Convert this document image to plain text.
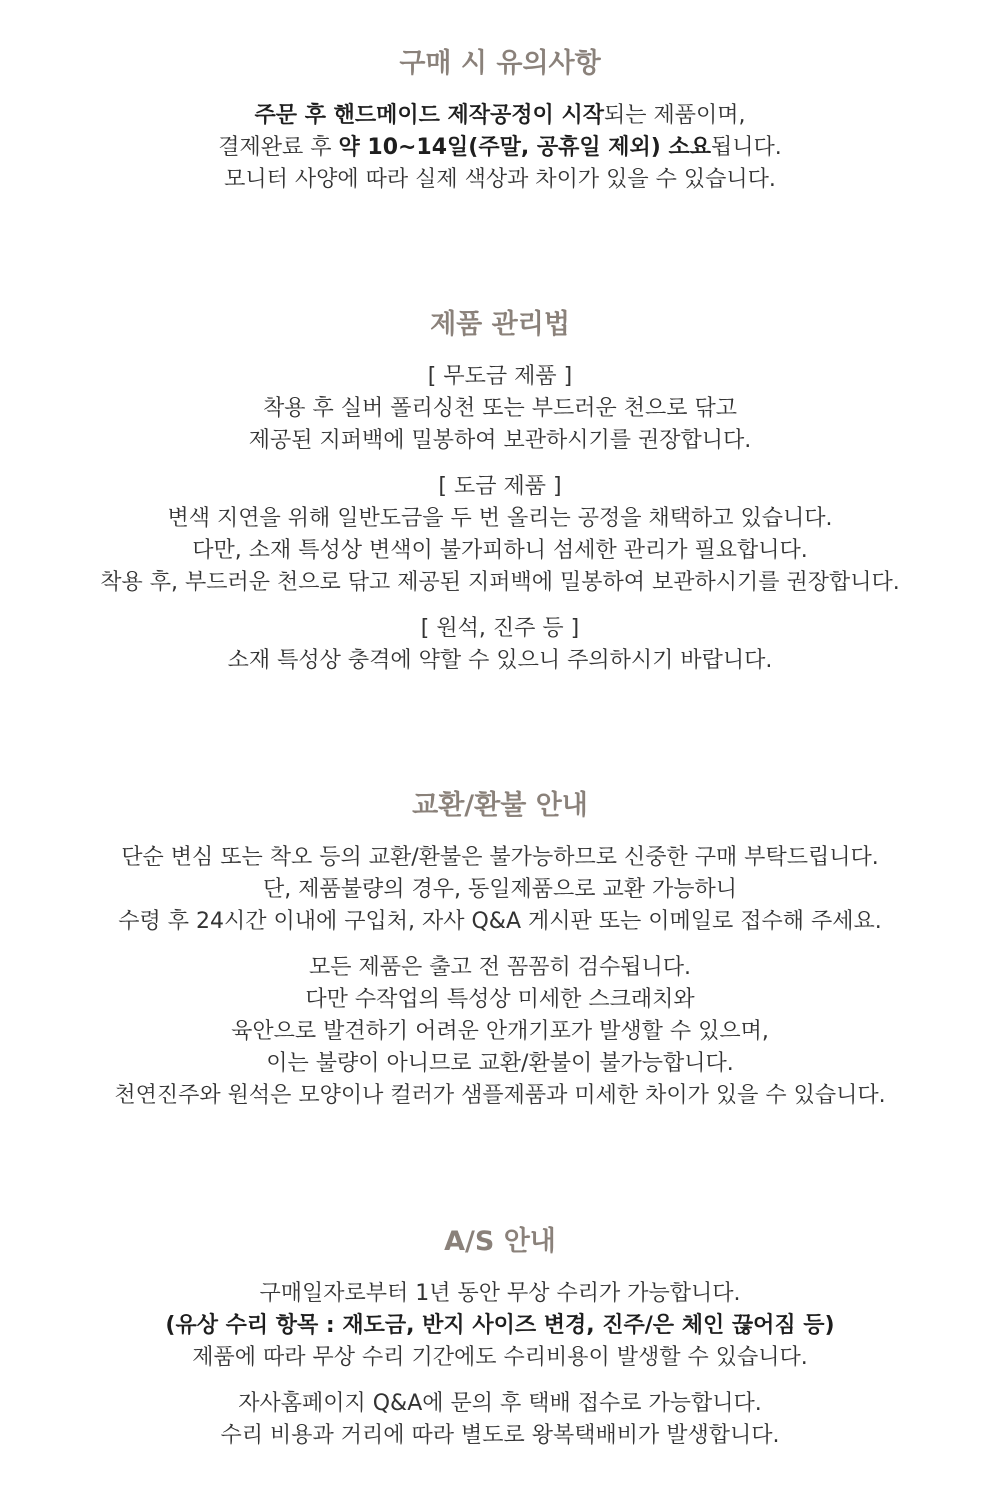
구매 시 유의사항

주문 후 핸드메이드 제작공정이 시작되는 제품이며,

결제완료 후 약 10~14일(주말, 공휴일 제외) 소요됩니다.

모니터 사양에 따라 실제 색상과 차이가 있을 수 있습니다.

제품 관리법

[ 무도금 제품 ]

착용 후 실버 폴리싱천 또는 부드러운 천으로 닦고

제공된 지퍼백에 밀봉하여 보관하시기를 권장합니다.

[ 도금 제품 ]

변색 지연을 위해 일반도금을 두 번 올리는 공정을 채택하고 있습니다.

다만, 소재 특성상 변색이 불가피하니 섬세한 관리가 필요합니다.

착용 후, 부드러운 천으로 닦고 제공된 지퍼백에 밀봉하여 보관하시기를 권장합니다.

[ 원석, 진주 등 ]

소재 특성상 충격에 약할 수 있으니 주의하시기 바랍니다.

교환/환불 안내

단순 변심 또는 착오 등의 교환/환불은 불가능하므로 신중한 구매 부탁드립니다.

단, 제품불량의 경우, 동일제품으로 교환 가능하니

수령 후 24시간 이내에 구입처, 자사 Q&A 게시판 또는 이메일로 접수해 주세요.

모든 제품은 출고 전 꼼꼼히 검수됩니다.

다만 수작업의 특성상 미세한 스크래치와

육안으로 발견하기 어려운 안개기포가 발생할 수 있으며,

이는 불량이 아니므로 교환/환불이 불가능합니다.

천연진주와 원석은 모양이나 컬러가 샘플제품과 미세한 차이가 있을 수 있습니다.

A/S 안내

구매일자로부터 1년 동안 무상 수리가 가능합니다.

(유상 수리 항목 : 재도금, 반지 사이즈 변경, 진주/은 체인 끊어짐 등)

제품에 따라 무상 수리 기간에도 수리비용이 발생할 수 있습니다.

자사홈페이지 Q&A에 문의 후 택배 접수로 가능합니다.

수리 비용과 거리에 따라 별도로 왕복택배비가 발생합니다.
